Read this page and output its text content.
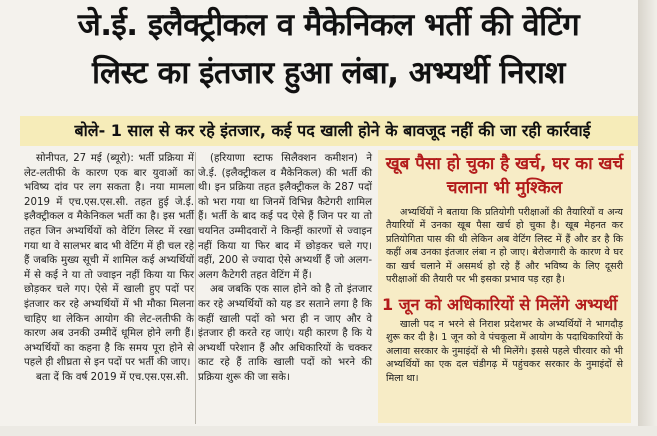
जे.ई. इलैक्ट्रीकल व मैकेनिकल भर्ती की वेटिंग
लिस्ट का इंतजार हुआ लंबा, अभ्यर्थी निराश
बोले- 1 साल से कर रहे इंतजार, कई पद खाली होने के बावजूद नहीं की जा रही कार्रवाई

सोनीपत, 27 मई (ब्यूरो): भर्ती प्रक्रिया में लेट-लतीफी के कारण एक बार युवाओं का भविष्य दांव पर लग सकता है। नया मामला 2019 में एच.एस.एस.सी. तहत हुई जे.ई. इलैक्ट्रीकल व मैकेनिकल भर्ती का है। इस भर्ती तहत जिन अभ्यर्थियों को वेटिंग लिस्ट में रखा गया था वे सालभर बाद भी वेटिंग में ही चल रहे हैं जबकि मुख्य सूची में शामिल कई अभ्यर्थियों में से कई ने या तो ज्वाइन नहीं किया या फिर छोड़कर चले गए। ऐसे में खाली हुए पदों पर इंतजार कर रहे अभ्यर्थियों में भी मौका मिलना चाहिए था लेकिन आयोग की लेट-लतीफी के कारण अब उनकी उम्मीदें धूमिल होने लगी हैं। अभ्यर्थियों का कहना है कि समय पूरा होने से पहले ही शीघ्रता से इन पदों पर भर्ती की जाए।

बता दें कि वर्ष 2019 में एच.एस.एस.सी.

(हरियाणा स्टाफ सिलैक्शन कमीशन) ने जे.ई. (इलैक्ट्रीकल व मैकेनिकल) की भर्ती की थी। इन प्रक्रिया तहत इलैक्ट्रीकल के 287 पदों को भरा गया था जिनमें विभिन्न कैटेगरी शामिल हैं। भर्ती के बाद कई पद ऐसे हैं जिन पर या तो चयनित उम्मीदवारों ने किन्हीं कारणों से ज्वाइन नहीं किया या फिर बाद में छोड़कर चले गए। वहीं, 200 से ज्यादा ऐसे अभ्यर्थी हैं जो अलग-अलग कैटेगरी तहत वेटिंग में हैं।

अब जबकि एक साल होने को है तो इंतजार कर रहे अभ्यर्थियों को यह डर सताने लगा है कि कहीं खाली पदों को भरा ही न जाए और वे इंतजार ही करते रह जाएं। यही कारण है कि ये अभ्यर्थी परेशान हैं और अधिकारियों के चक्कर काट रहे हैं ताकि खाली पदों को भरने की प्रक्रिया शुरू की जा सके।

खूब पैसा हो चुका है खर्च, घर का खर्च चलाना भी मुश्किल

अभ्यर्थियों ने बताया कि प्रतियोगी परीक्षाओं की तैयारियों व अन्य तैयारियों में उनका खूब पैसा खर्च हो चुका है। खूब मेहनत कर प्रतियोगिता पास की थी लेकिन अब वेटिंग लिस्ट में हैं और डर है कि कहीं अब उनका इंतजार लंबा न हो जाए। बेरोजगारी के कारण वे घर का खर्च चलाने में असमर्थ हो रहे हैं और भविष्य के लिए दूसरी परीक्षाओं की तैयारी पर भी इसका प्रभाव पड़ रहा है।

1 जून को अधिकारियों से मिलेंगे अभ्यर्थी

खाली पद न भरने से निराश प्रदेशभर के अभ्यर्थियों ने भागदौड़ शुरू कर दी है। 1 जून को वे पंचकूला में आयोग के पदाधिकारियों के अलावा सरकार के नुमाइंदों से भी मिलेंगे। इससे पहले चीरवार को भी अभ्यर्थियों का एक दल चंडीगढ़ में पहुंचकर सरकार के नुमाइंदों से मिला था।
